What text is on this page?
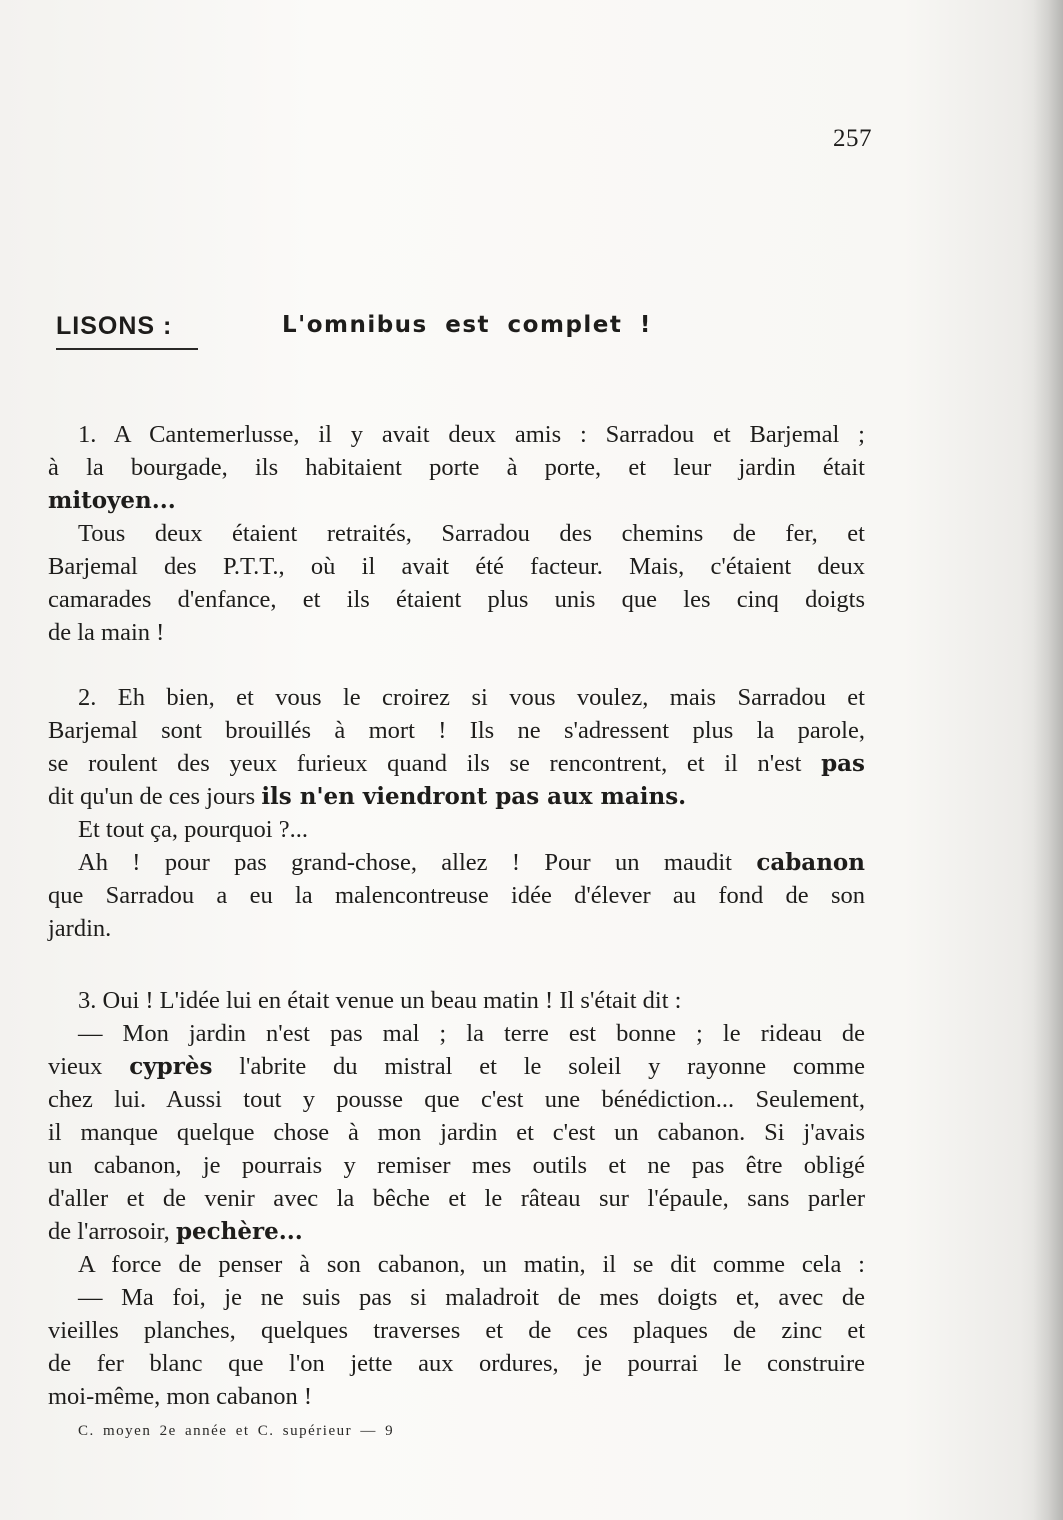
257
LISONS :	L'omnibus est complet !
1. A Cantemerlusse, il y avait deux amis : Sarradou et Barjemal ;
à la bourgade, ils habitaient porte à porte, et leur jardin était
mitoyen...
Tous deux étaient retraités, Sarradou des chemins de fer, et
Barjemal des P.T.T., où il avait été facteur. Mais, c'étaient deux
camarades d'enfance, et ils étaient plus unis que les cinq doigts
de la main !
2. Eh bien, et vous le croirez si vous voulez, mais Sarradou et
Barjemal sont brouillés à mort ! Ils ne s'adressent plus la parole,
se roulent des yeux furieux quand ils se rencontrent, et il n'est pas
dit qu'un de ces jours ils n'en viendront pas aux mains.
Et tout ça, pourquoi ?...
Ah ! pour pas grand-chose, allez ! Pour un maudit cabanon
que Sarradou a eu la malencontreuse idée d'élever au fond de son
jardin.
3. Oui ! L'idée lui en était venue un beau matin ! Il s'était dit :
— Mon jardin n'est pas mal ; la terre est bonne ; le rideau de
vieux cyprès l'abrite du mistral et le soleil y rayonne comme
chez lui. Aussi tout y pousse que c'est une bénédiction... Seulement,
il manque quelque chose à mon jardin et c'est un cabanon. Si j'avais
un cabanon, je pourrais y remiser mes outils et ne pas être obligé
d'aller et de venir avec la bêche et le râteau sur l'épaule, sans parler
de l'arrosoir, pechère...
A force de penser à son cabanon, un matin, il se dit comme cela :
— Ma foi, je ne suis pas si maladroit de mes doigts et, avec de
vieilles planches, quelques traverses et de ces plaques de zinc et
de fer blanc que l'on jette aux ordures, je pourrai le construire
moi-même, mon cabanon !
C. moyen 2e année et C. supérieur — 9
